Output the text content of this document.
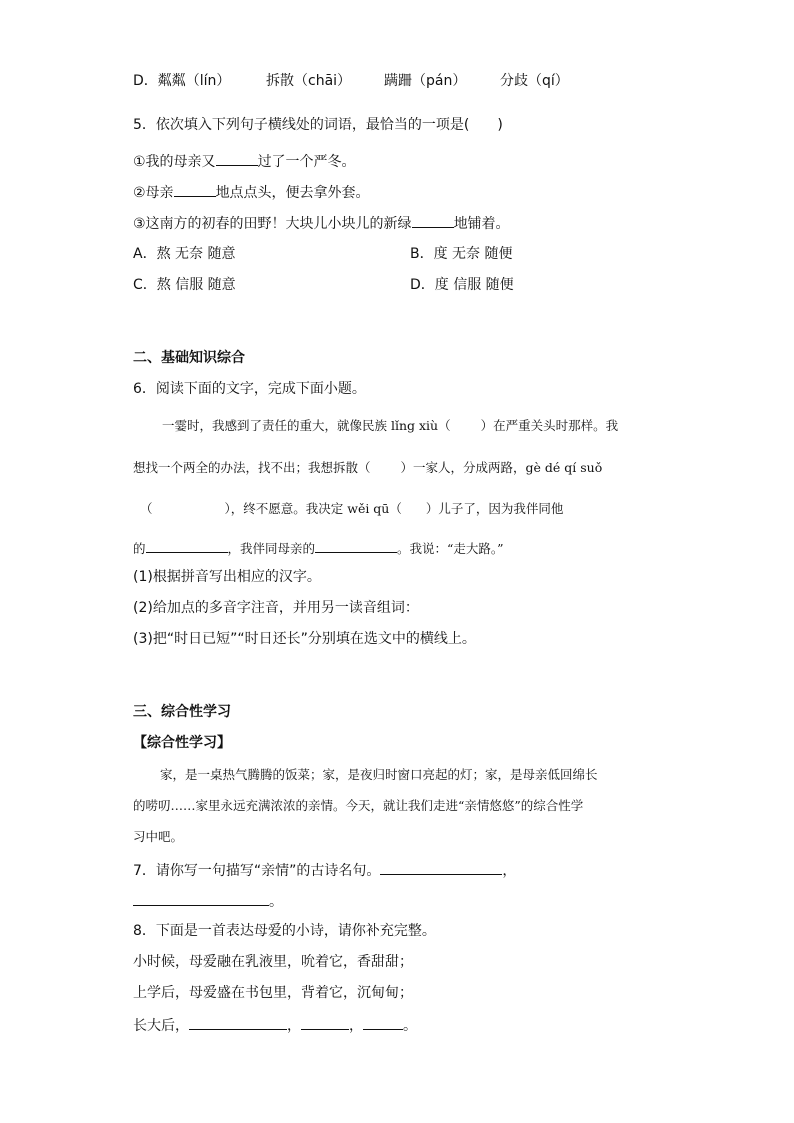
D．粼粼（lín）	拆散（chāi） 蹒跚（pán） 分歧（qí）
5．依次填入下列句子横线处的词语，最恰当的一项是(　　)
①我的母亲又	过了一个严冬。
②母亲	地点点头，便去拿外套。
③这南方的初春的田野！大块儿小块儿的新绿	地铺着。
A．熬 无奈 随意	B．度 无奈 随便
C．熬 信服 随意	D．度 信服 随便
二、基础知识综合
6．阅读下面的文字，完成下面小题。
一霎时，我感到了责任的重大，就像民族 lǐng xiù（ ）在严重关头时那样。我
想找一个两全的办法，找不出；我想拆散（ ）一家人，分成两路，gè dé qí suǒ
（	），终不愿意。我决定 wěi qū（ ）儿子了，因为我伴同他
的	，我伴同母亲的	。我说：“走大路。”
(1)根据拼音写出相应的汉字。
(2)给加点的多音字注音，并用另一读音组词：
(3)把“时日已短”“时日还长”分别填在选文中的横线上。
三、综合性学习
【综合性学习】
家，是一桌热气腾腾的饭菜；家，是夜归时窗口亮起的灯；家，是母亲低回绵长
的唠叨……家里永远充满浓浓的亲情。今天，就让我们走进“亲情悠悠”的综合性学
习中吧。
7．请你写一句描写“亲情”的古诗名句。	，
。
8．下面是一首表达母爱的小诗，请你补充完整。
小时候，母爱融在乳液里，吮着它，香甜甜；
上学后，母爱盛在书包里，背着它，沉甸甸；
长大后，	，	，	。
